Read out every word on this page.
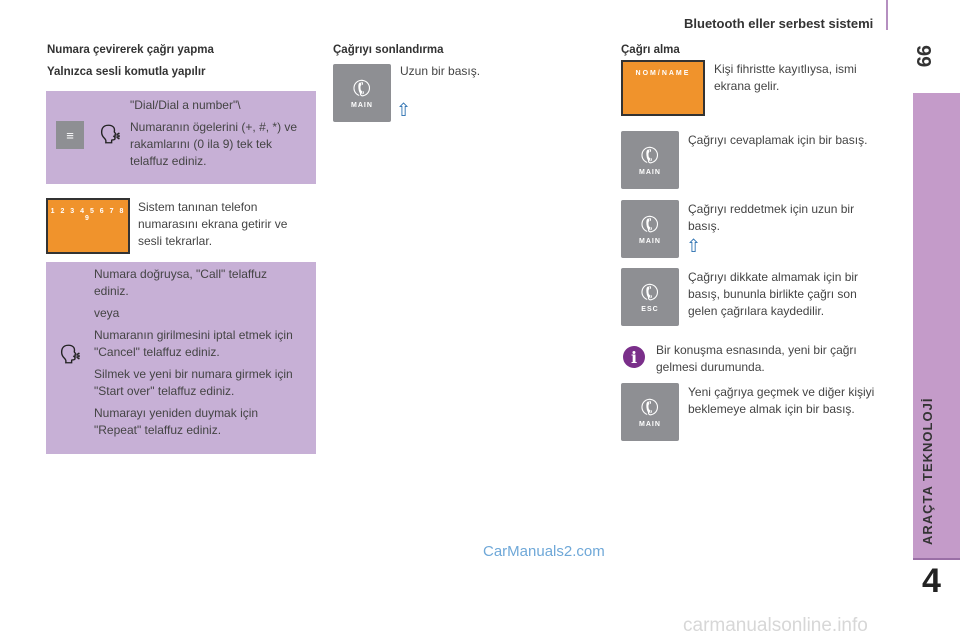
Bluetooth eller serbest sistemi
99
ARAÇTA TEKNOLOJİ
4
Numara çevirerek çağrı yapma
Yalnızca sesli komutla yapılır
≡	🗣

"Dial/Dial a number"\

Numaranın ögelerini (+, #, *) ve rakamlarını (0 ila 9) tek tek telaffuz ediniz.

1 2 3 4 5 6 7 8 9
Sistem tanınan telefon numarasını ekrana getirir ve sesli tekrarlar.
🗣

Numara doğruysa, "Call" telaffuz ediniz.

veya

Numaranın girilmesini iptal etmek için "Cancel" telaffuz ediniz.

Silmek ve yeni bir numara girmek için "Start over" telaffuz ediniz.

Numarayı yeniden duymak için "Repeat" telaffuz ediniz.

Çağrıyı sonlandırma
✆
MAIN ⇧
Uzun bir basış.
Çağrı alma
NOM/NAME	Kişi fihristte kayıtlıysa, ismi ekrana gelir.
✆
MAIN
Çağrıyı cevaplamak için bir basış.
✆
MAIN
Çağrıyı reddetmek için uzun bir basış.
⇧
✆
ESC
Çağrıyı dikkate almamak için bir basış, bununla birlikte çağrı son gelen çağrılara kaydedilir.
i	Bir konuşma esnasında, yeni bir çağrı gelmesi durumunda.
✆
MAIN
Yeni çağrıya geçmek ve diğer kişiyi beklemeye almak için bir basış.
CarManuals2.com
carmanualsonline.info
